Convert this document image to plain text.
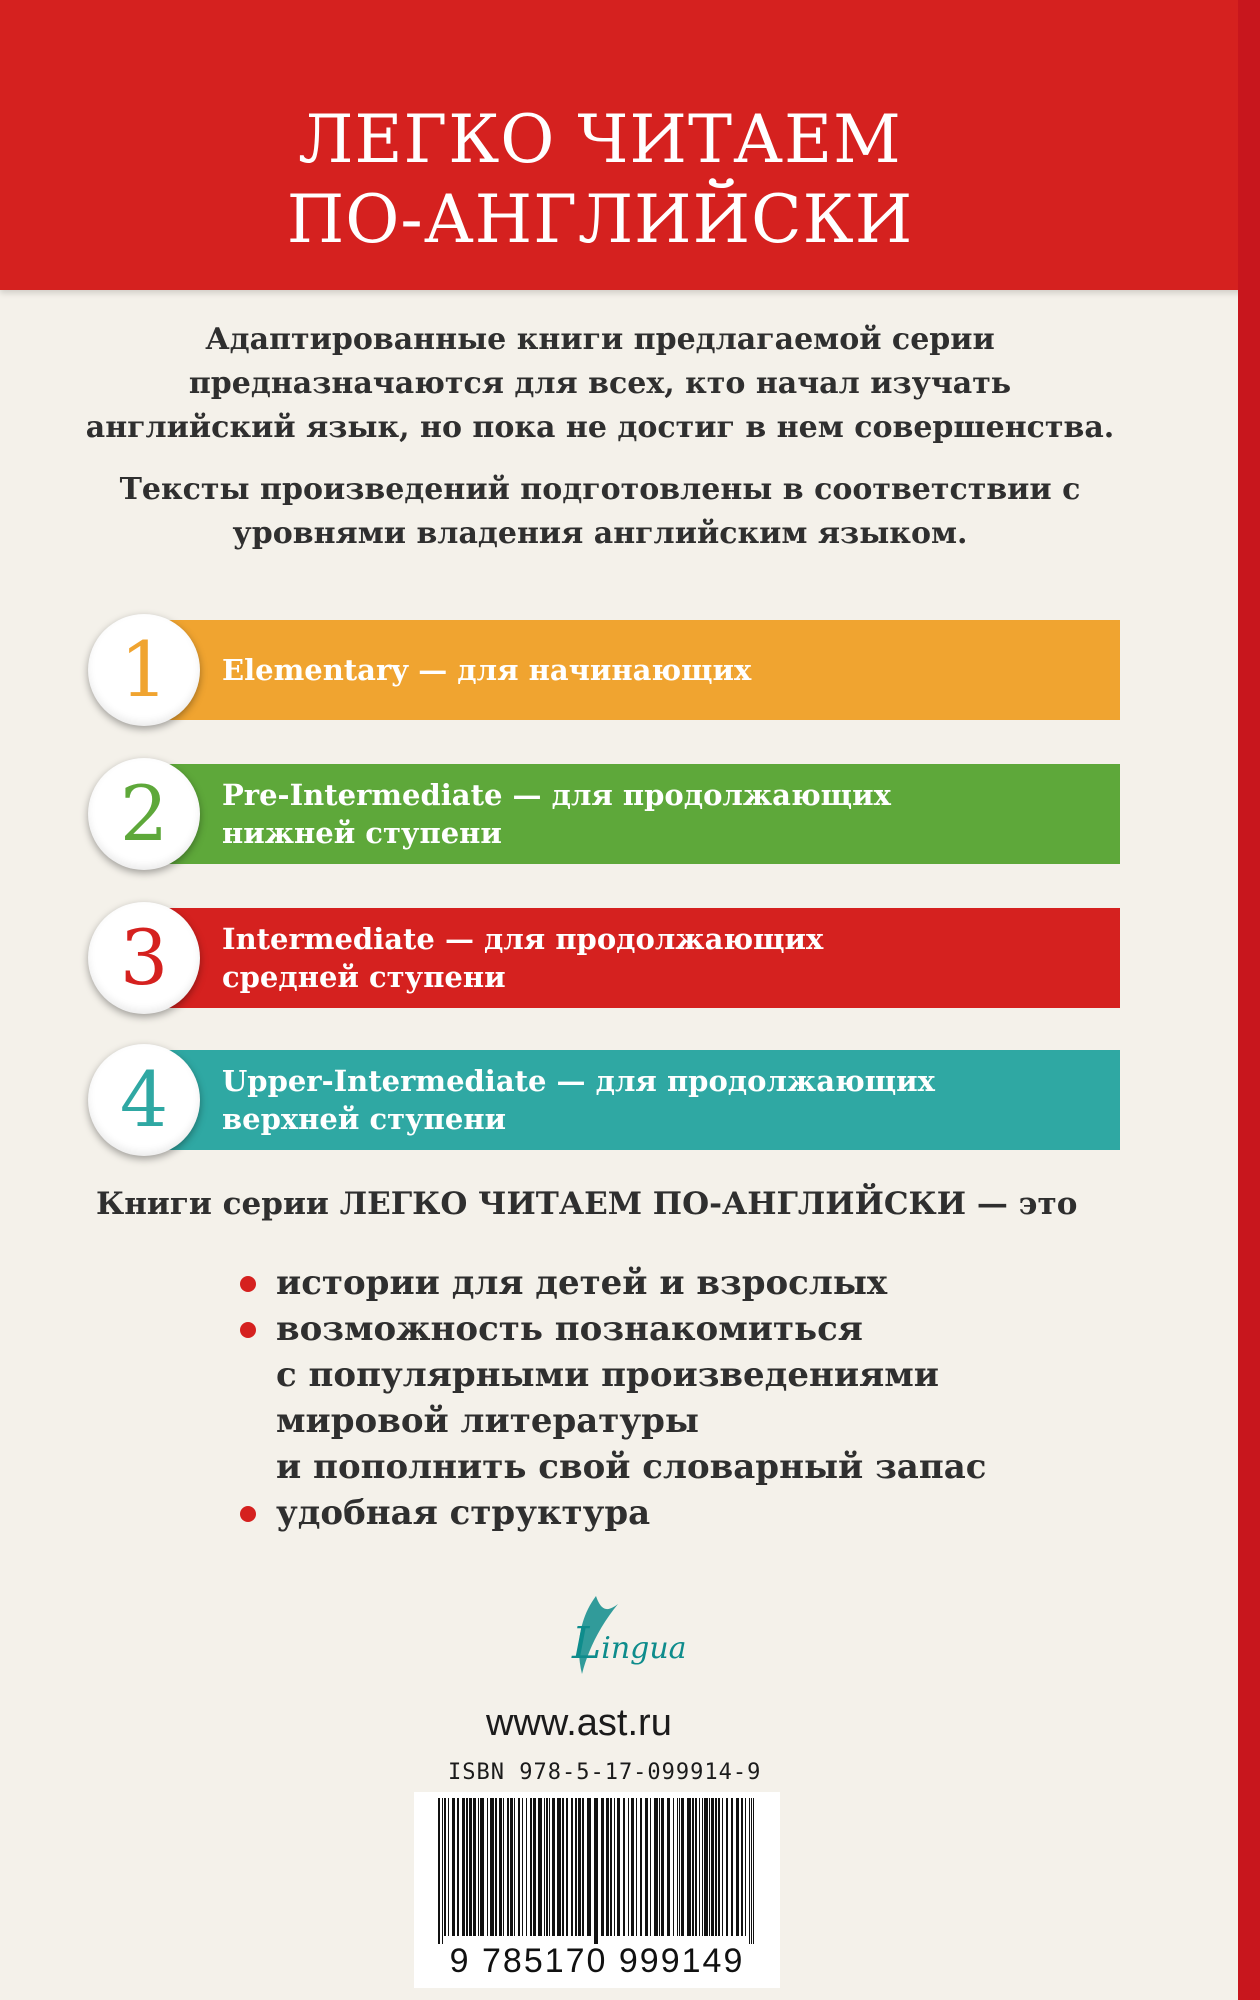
ЛЕГКО ЧИТАЕМ
ПО-АНГЛИЙСКИ

Адаптированные книги предлагаемой серии предназначаются для всех, кто начал изучать английский язык, но пока не достиг в нем совершенства.

Тексты произведений подготовлены в соответствии с уровнями владения английским языком.

1	Elementary — для начинающих

2	Pre-Intermediate — для продолжающих
нижней ступени
3	Intermediate — для продолжающих
средней ступени
4	Upper-Intermediate — для продолжающих
верхней ступени
Книги серии ЛЕГКО ЧИТАЕМ ПО-АНГЛИЙСКИ — это
истории для детей и взрослых
возможность познакомиться
с популярными произведениями
мировой литературы
и пополнить свой словарный запас
удобная структура
Lingua
www.ast.ru
ISBN 978-5-17-099914-9
9 785170 999149
